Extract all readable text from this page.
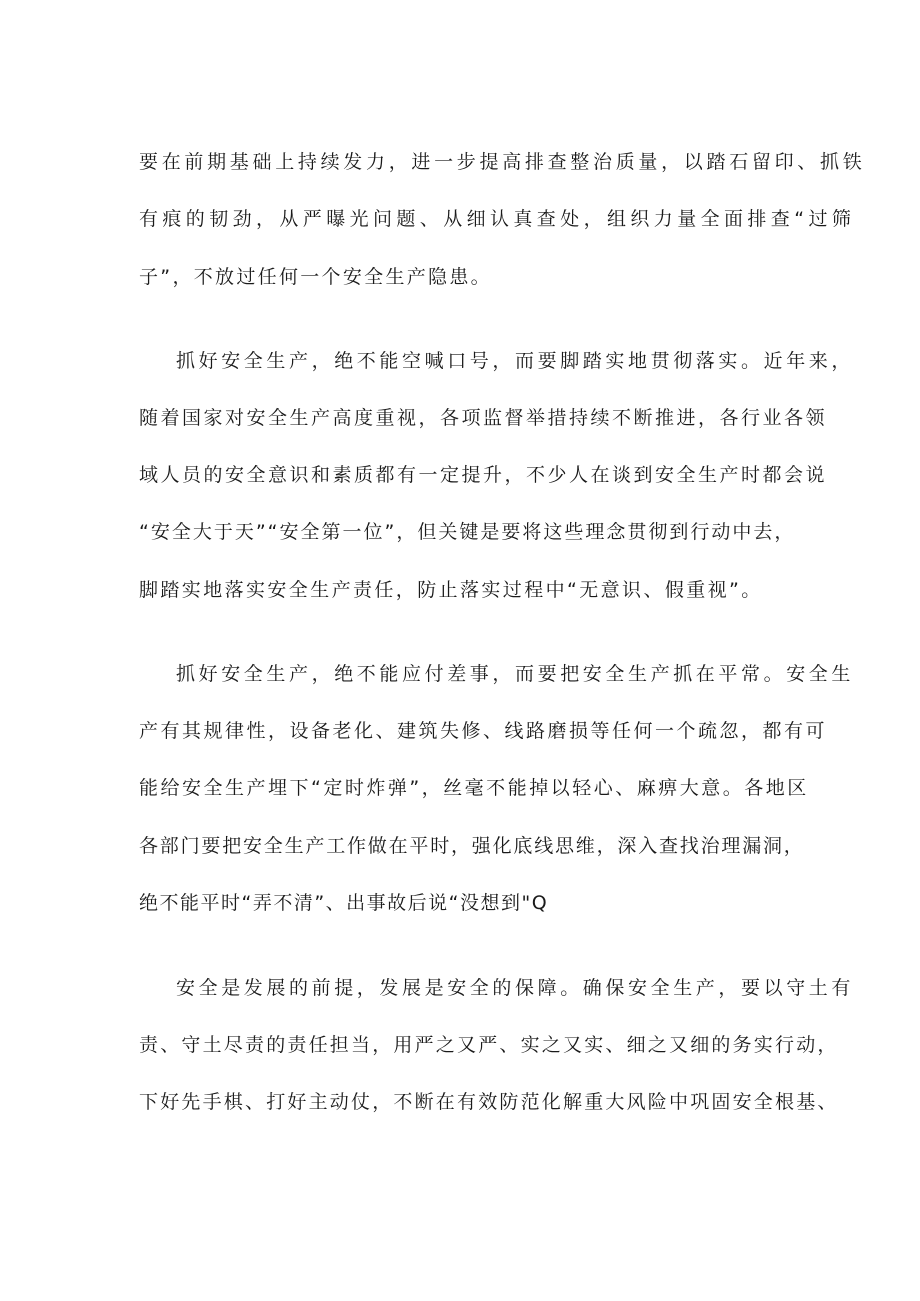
要在前期基础上持续发力，进一步提高排查整治质量，以踏石留印、抓铁
有痕的韧劲，从严曝光问题、从细认真查处，组织力量全面排查“过筛
子”，不放过任何一个安全生产隐患。
抓好安全生产，绝不能空喊口号，而要脚踏实地贯彻落实。近年来，
随着国家对安全生产高度重视，各项监督举措持续不断推进，各行业各领
域人员的安全意识和素质都有一定提升，不少人在谈到安全生产时都会说
“安全大于天”“安全第一位”，但关键是要将这些理念贯彻到行动中去，
脚踏实地落实安全生产责任，防止落实过程中“无意识、假重视”。
抓好安全生产，绝不能应付差事，而要把安全生产抓在平常。安全生
产有其规律性，设备老化、建筑失修、线路磨损等任何一个疏忽，都有可
能给安全生产埋下“定时炸弹”，丝毫不能掉以轻心、麻痹大意。各地区
各部门要把安全生产工作做在平时，强化底线思维，深入查找治理漏洞，
绝不能平时“弄不清”、出事故后说“没想到"Q
安全是发展的前提，发展是安全的保障。确保安全生产，要以守土有
责、守土尽责的责任担当，用严之又严、实之又实、细之又细的务实行动，
下好先手棋、打好主动仗，不断在有效防范化解重大风险中巩固安全根基、
